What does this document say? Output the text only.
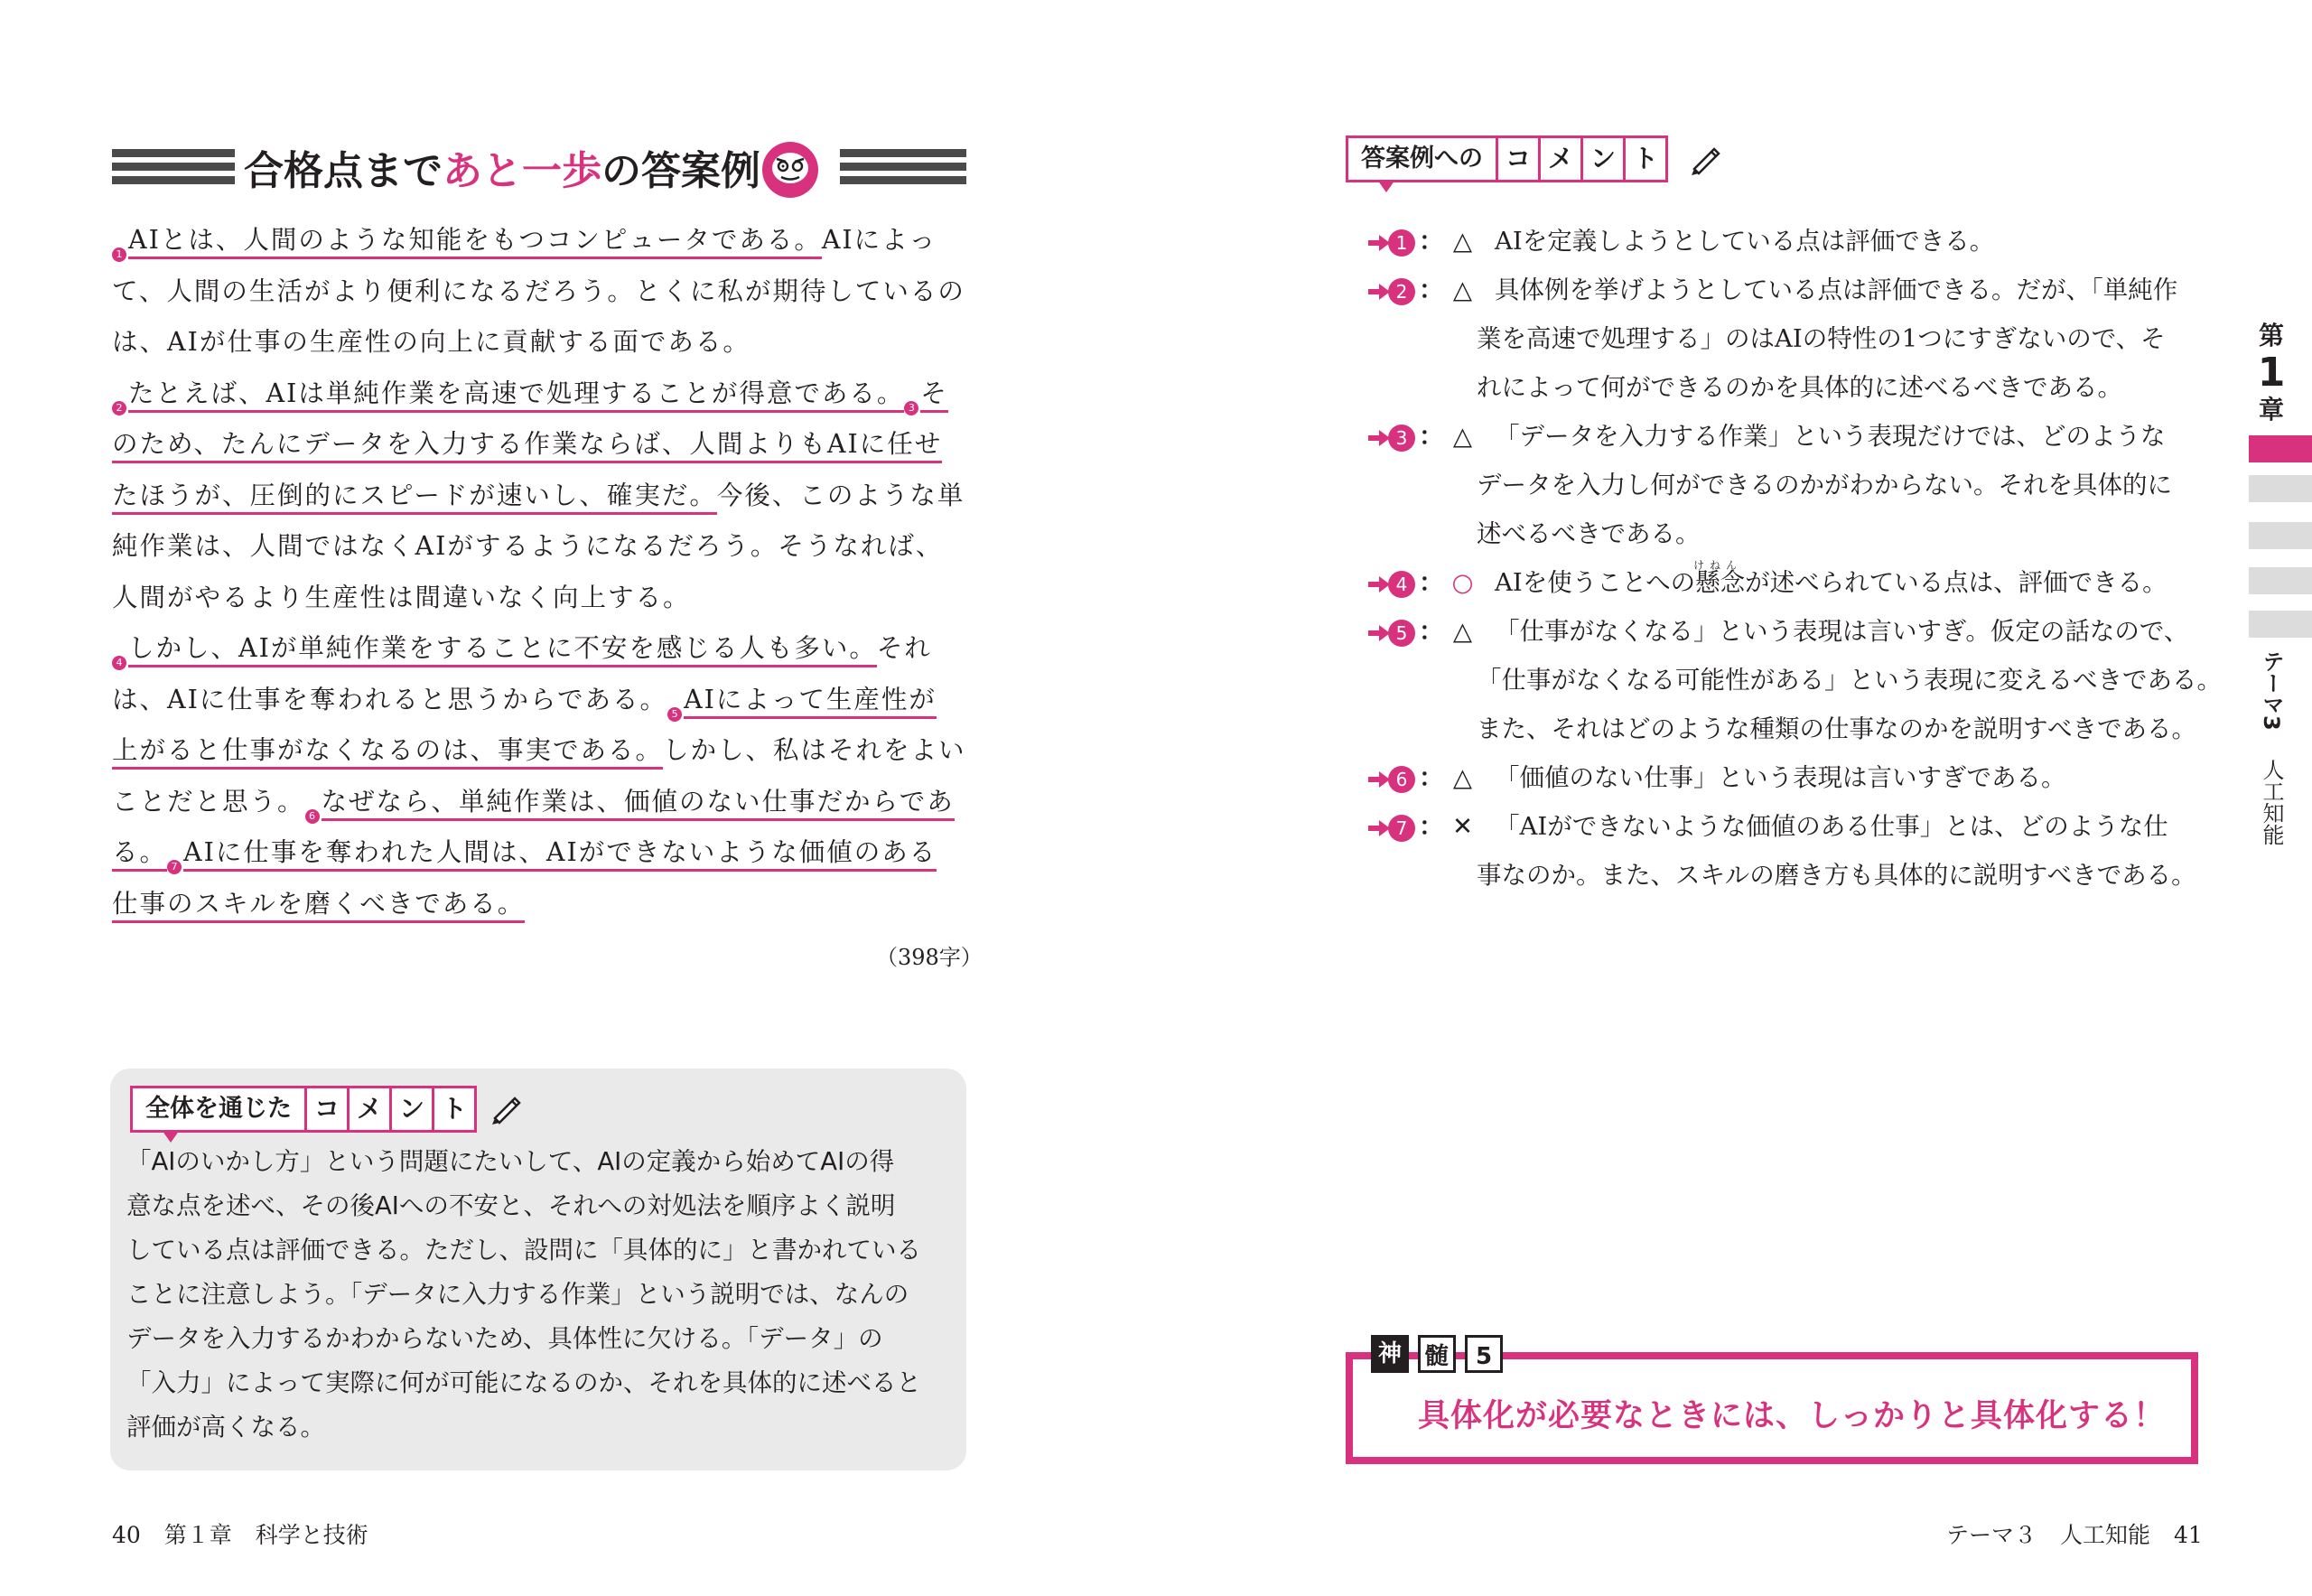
合格点まであと一歩の答案例
1 AIとは、人間のような知能をもつコンピュータである。AIによっ
て、人間の生活がより便利になるだろう。とくに私が期待しているの
は、AIが仕事の生産性の向上に貢献する面である。
2 たとえば、AIは単純作業を高速で処理することが得意である。 3 そ
のため、たんにデータを入力する作業ならば、人間よりもAIに任せ
たほうが、圧倒的にスピードが速いし、確実だ。今後、このような単
純作業は、人間ではなくAIがするようになるだろう。そうなれば、
人間がやるより生産性は間違いなく向上する。
4 しかし、AIが単純作業をすることに不安を感じる人も多い。それ
は、AIに仕事を奪われると思うからである。 5 AIによって生産性が
上がると仕事がなくなるのは、事実である。しかし、私はそれをよい
ことだと思う。 6 なぜなら、単純作業は、価値のない仕事だからであ
る。 7 AIに仕事を奪われた人間は、AIができないような価値のある
仕事のスキルを磨くべきである。
（398字）
全体を通じた コ メ ン ト
「AIのいかし方」という問題にたいして、AIの定義から始めてAIの得
意な点を述べ、その後AIへの不安と、それへの対処法を順序よく説明
している点は評価できる。ただし、設問に「具体的に」と書かれている
ことに注意しよう。「データに入力する作業」という説明では、なんの
データを入力するかわからないため、具体性に欠ける。「データ」の
「入力」によって実際に何が可能になるのか、それを具体的に述べると
評価が高くなる。
40 第１章 科学と技術
答案例への コ メ ン ト
1 ： △ AIを定義しようとしている点は評価できる。
2 ： △ 具体例を挙げようとしている点は評価できる。だが、「単純作
業を高速で処理する」のはAIの特性の1つにすぎないので、そ
れによって何ができるのかを具体的に述べるべきである。
3 ： △ 「データを入力する作業」という表現だけでは、どのような
データを入力し何ができるのかがわからない。それを具体的に
述べるべきである。
4 ： ○ AIを使うことへの懸念が述べられている点は、評価できる。
5 ： △ 「仕事がなくなる」という表現は言いすぎ。仮定の話なので、
「仕事がなくなる可能性がある」という表現に変えるべきである。
また、それはどのような種類の仕事なのかを説明すべきである。
6 ： △ 「価値のない仕事」という表現は言いすぎである。
7 ： ✕ 「AIができないような価値のある仕事」とは、どのような仕
事なのか。また、スキルの磨き方も具体的に説明すべきである。
けねん
第
1
章
テーマ3 人工知能
神 髄	5
具体化が必要なときには、しっかりと具体化する！
テーマ３ 人工知能 41
